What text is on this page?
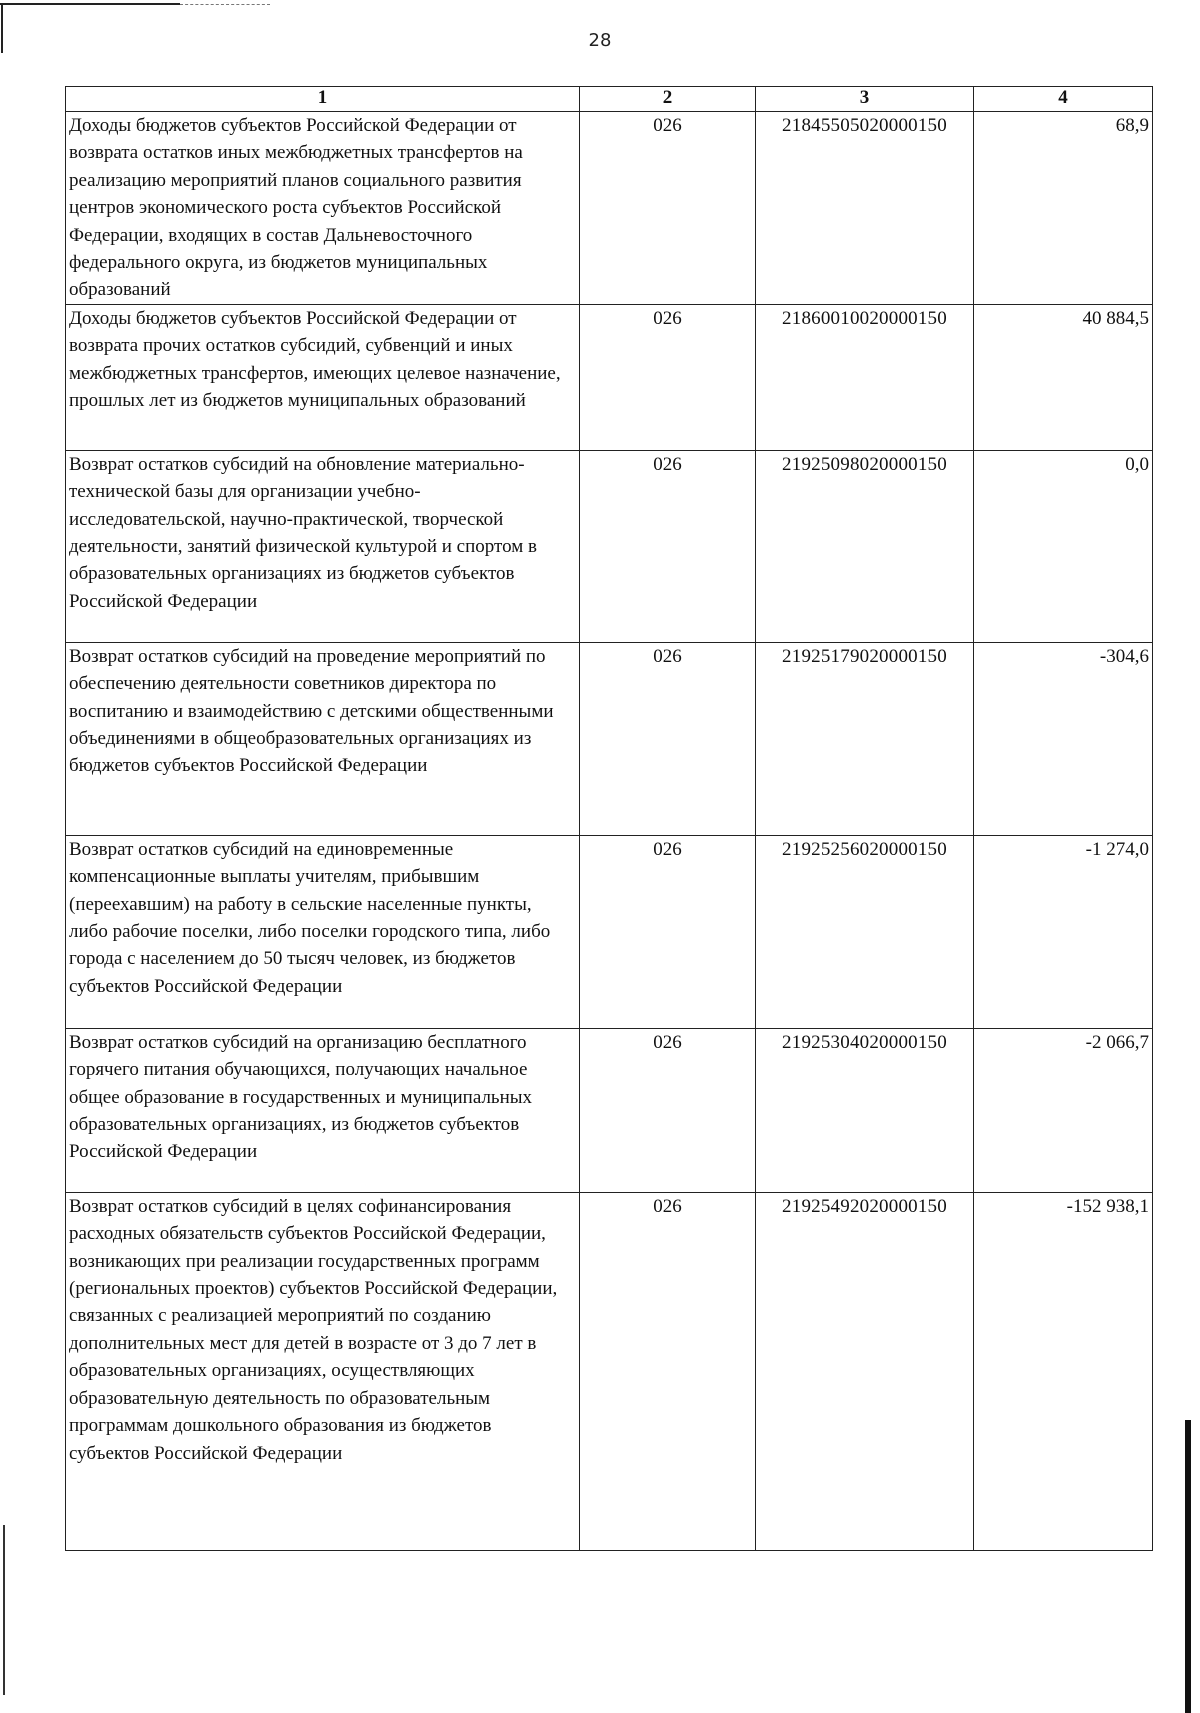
28
1	2	3	4
Доходы бюджетов субъектов Российской Федерации от возврата остатков иных межбюджетных трансфертов на реализацию мероприятий планов социального развития центров экономического роста субъектов Российской Федерации, входящих в состав Дальневосточного федерального округа, из бюджетов муниципальных образований	026	21845505020000150	68,9
Доходы бюджетов субъектов Российской Федерации от возврата прочих остатков субсидий, субвенций и иных межбюджетных трансфертов, имеющих целевое назначение, прошлых лет из бюджетов муниципальных образований	026	21860010020000150	40 884,5
Возврат остатков субсидий на обновление материально-технической базы для организации учебно-исследовательской, научно-практической, творческой деятельности, занятий физической культурой и спортом в образовательных организациях из бюджетов субъектов Российской Федерации	026	21925098020000150	0,0
Возврат остатков субсидий на проведение мероприятий по обеспечению деятельности советников директора по воспитанию и взаимодействию с детскими общественными объединениями в общеобразовательных организациях из бюджетов субъектов Российской Федерации	026	21925179020000150	-304,6
Возврат остатков субсидий на единовременные компенсационные выплаты учителям, прибывшим (переехавшим) на работу в сельские населенные пункты, либо рабочие поселки, либо поселки городского типа, либо города с населением до 50 тысяч человек, из бюджетов субъектов Российской Федерации	026	21925256020000150	-1 274,0
Возврат остатков субсидий на организацию бесплатного горячего питания обучающихся, получающих начальное общее образование в государственных и муниципальных образовательных организациях, из бюджетов субъектов Российской Федерации	026	21925304020000150	-2 066,7
Возврат остатков субсидий в целях софинансирования расходных обязательств субъектов Российской Федерации, возникающих при реализации государственных программ (региональных проектов) субъектов Российской Федерации, связанных с реализацией мероприятий по созданию дополнительных мест для детей в возрасте от 3 до 7 лет в образовательных организациях, осуществляющих образовательную деятельность по образовательным программам дошкольного образования из бюджетов субъектов Российской Федерации	026	21925492020000150	-152 938,1
